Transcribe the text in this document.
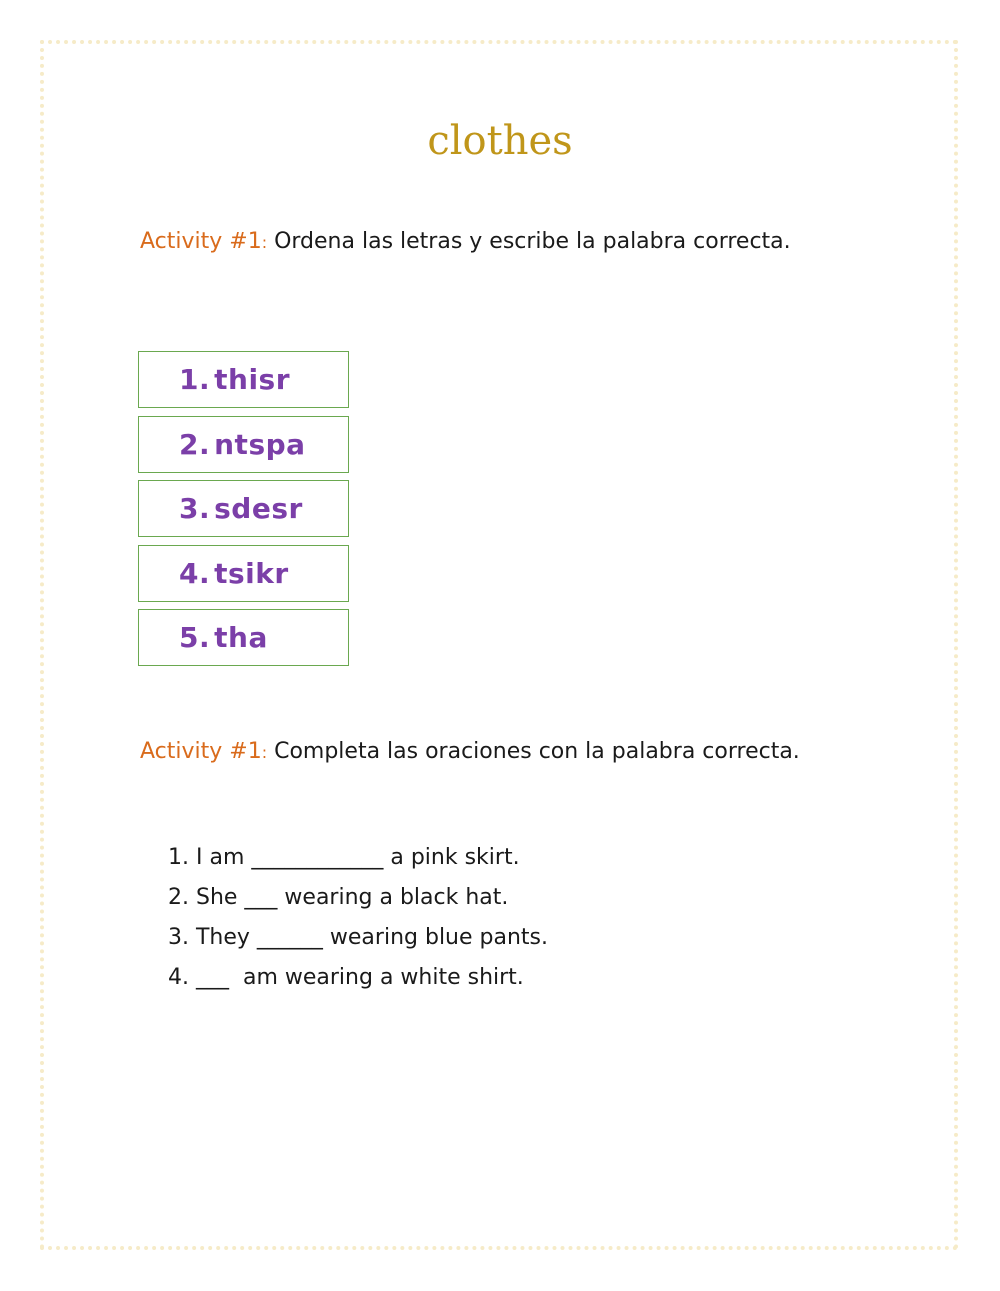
clothes
Activity #1: Ordena las letras y escribe la palabra correcta.
1. thisr
2. ntspa
3. sdesr
4. tsikr
5. tha
Activity #1: Completa las oraciones con la palabra correcta.
1. I am ____________ a pink skirt.
2. She ___ wearing a black hat.
3. They ______ wearing blue pants.
4. ___  am wearing a white shirt.
